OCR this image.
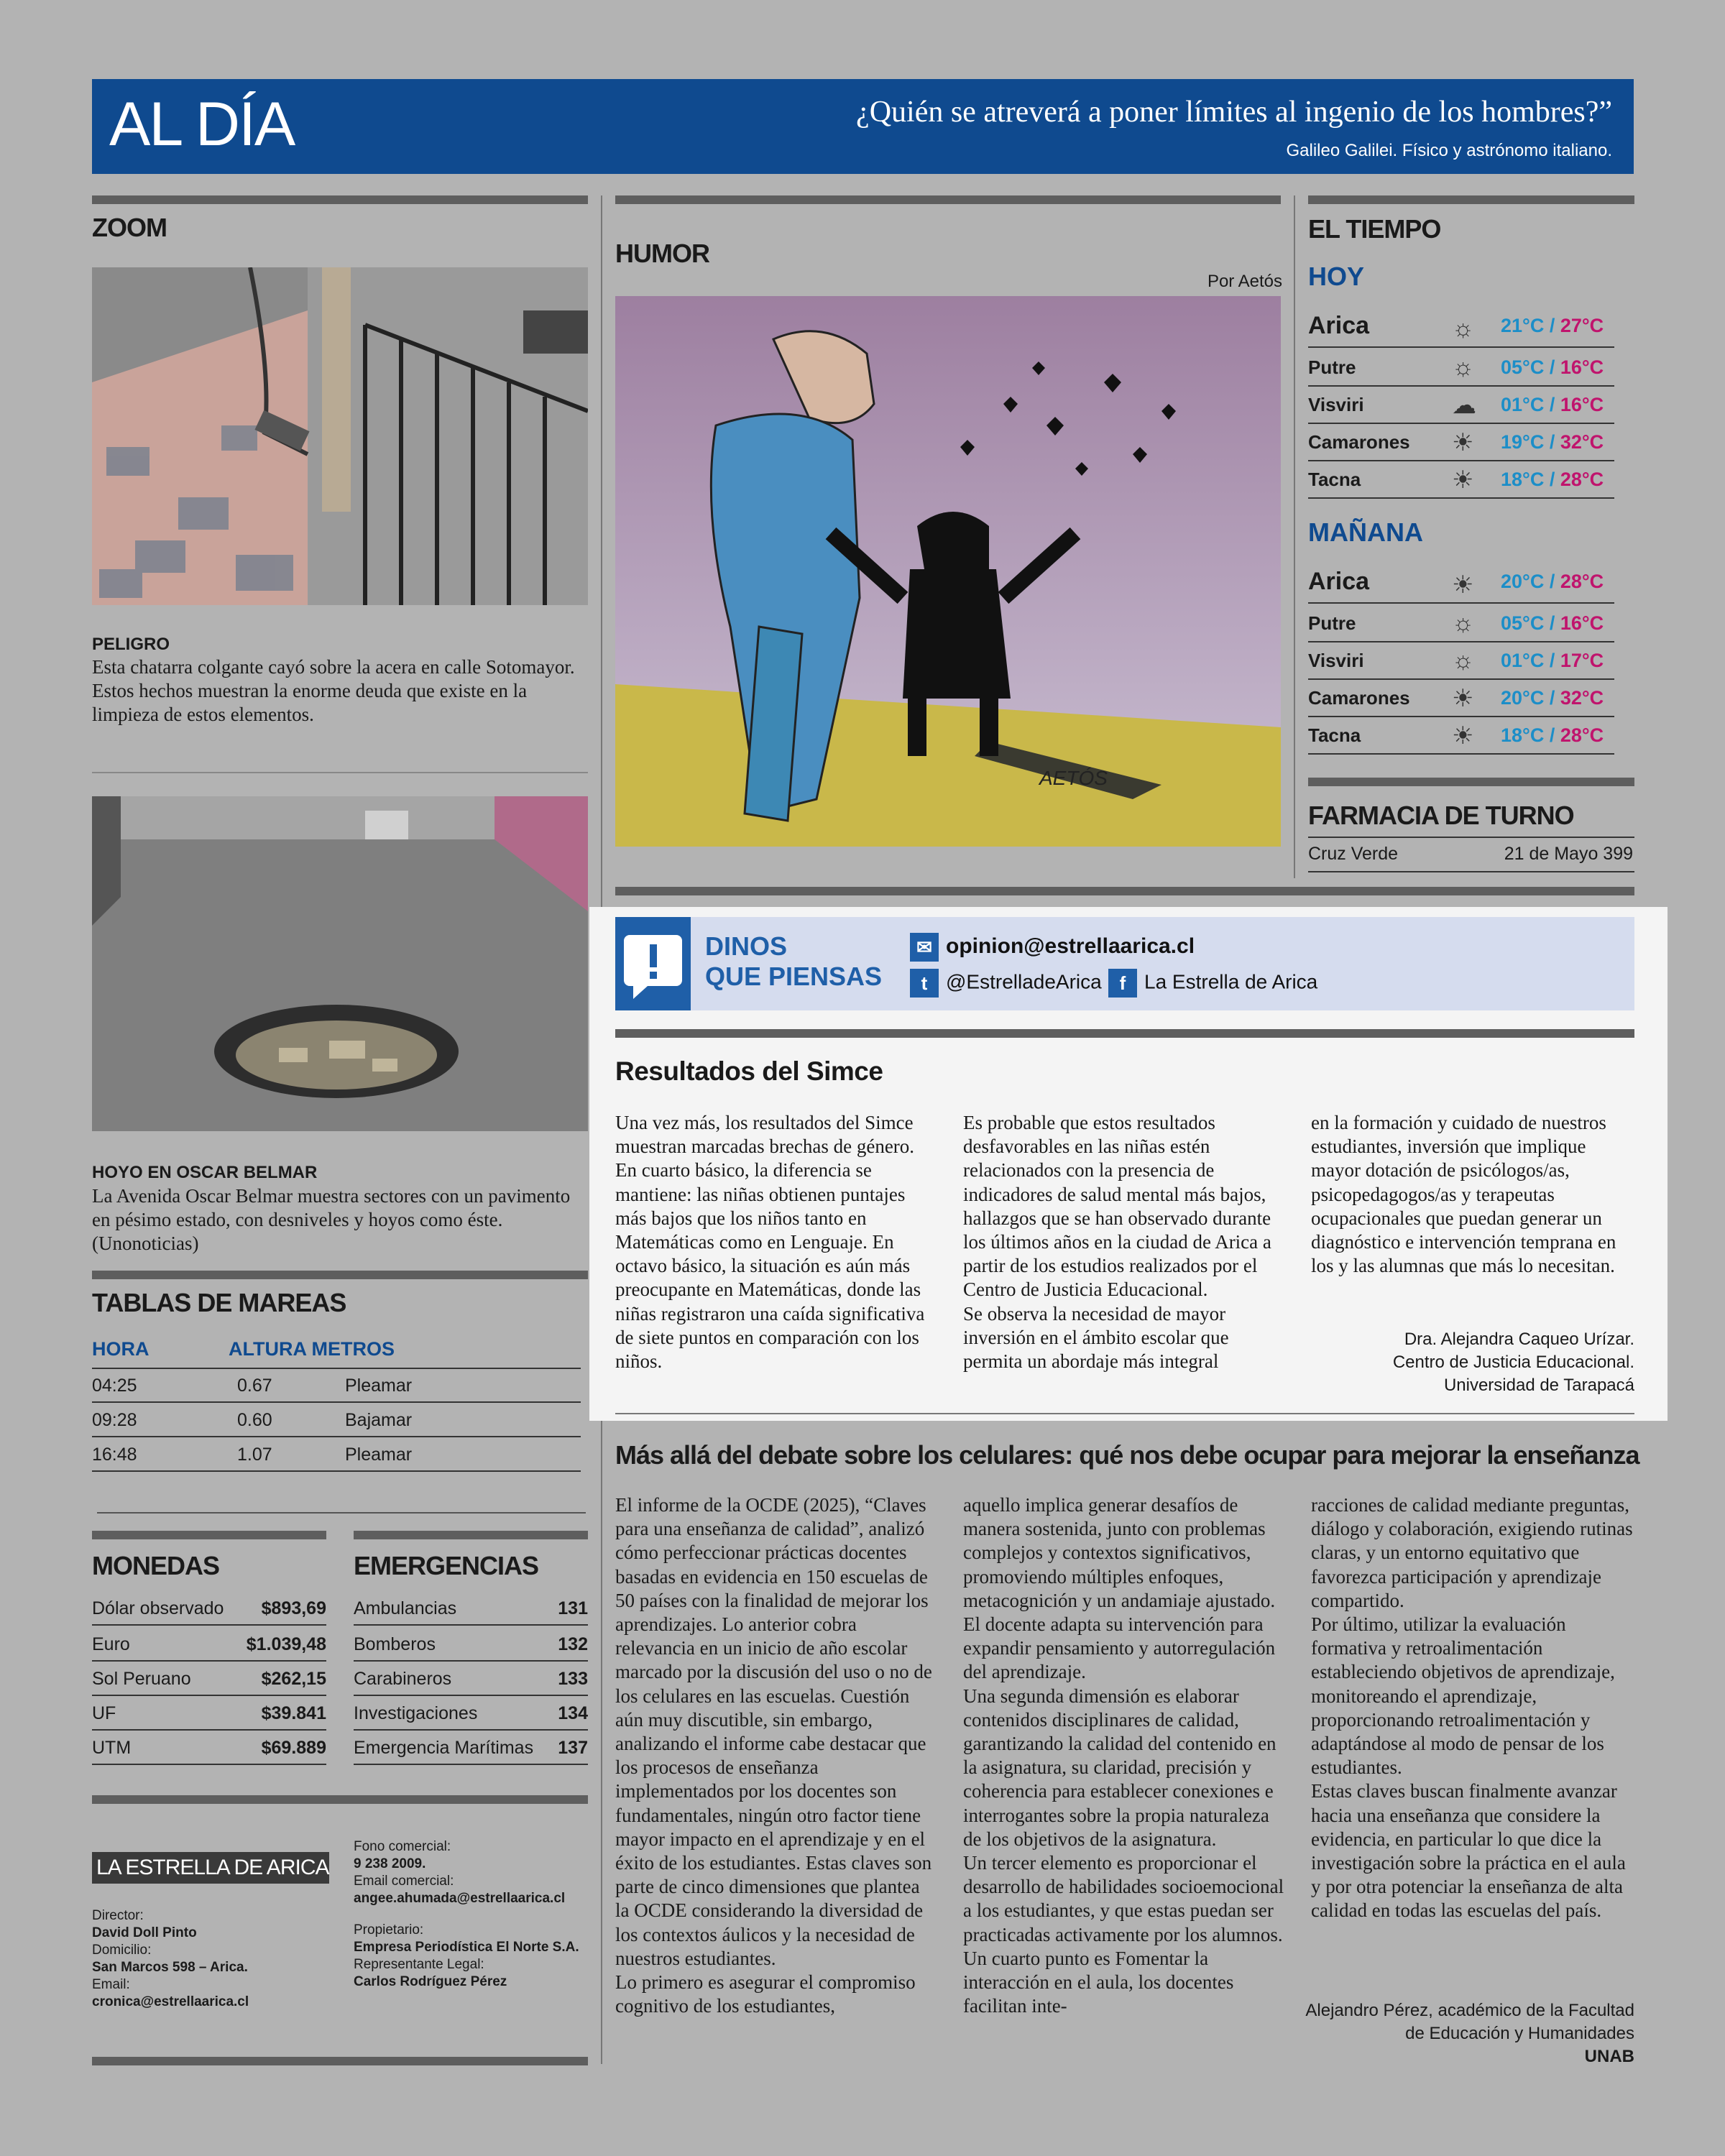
AL DÍA	¿Quién se atreverá a poner límites al ingenio de los hombres?”
Galileo Galilei. Físico y astrónomo italiano.
ZOOM
PELIGRO
Esta chatarra colgante cayó sobre la acera en calle Sotomayor. Estos hechos muestran la enorme deuda que existe en la limpieza de estos elementos.
HOYO EN OSCAR BELMAR
La Avenida Oscar Belmar muestra sectores con un pavimento en pésimo estado, con desniveles y hoyos como éste. (Unonoticias)
TABLAS DE MAREAS
HORA	ALTURA METROS
04:25	0.67	Pleamar
09:28	0.60	Bajamar
16:48	1.07	Pleamar
MONEDAS
Dólar observado $893,69
Euro	$1.039,48
Sol Peruano	$262,15
UF	$39.841
UTM	$69.889
EMERGENCIAS
Ambulancias	131
Bomberos	132
Carabineros	133
Investigaciones	134
Emergencia Marítimas 137
LA ESTRELLA DE ARICA
Director:
David Doll Pinto
Domicilio:
San Marcos 598 – Arica.
Email:
cronica@estrellaarica.cl
Fono comercial:
9 238 2009.
Email comercial:
angee.ahumada@estrellaarica.cl
Propietario:
Empresa Periodística El Norte S.A.
Representante Legal:
Carlos Rodríguez Pérez
HUMOR
Por Aetós
AETÓS
EL TIEMPO
HOY
Arica	☼ 21°C / 27°C
Putre	☼ 05°C / 16°C
Visviri	☁ 01°C / 16°C
Camarones ☀ 19°C / 32°C
Tacna	☀ 18°C / 28°C
MAÑANA
Arica	☀ 20°C / 28°C
Putre	☼ 05°C / 16°C
Visviri	☼ 01°C / 17°C
Camarones ☀ 20°C / 32°C
Tacna	☀ 18°C / 28°C
FARMACIA DE TURNO
Cruz Verde	21 de Mayo 399
DINOS
QUE PIENSAS
✉ opinion@estrellaarica.cl
t @EstrelladeArica f La Estrella de Arica
Resultados del Simce
Una vez más, los resultados del Simce muestran marcadas brechas de género. En cuarto básico, la diferencia se mantiene: las niñas obtienen puntajes más bajos que los niños tanto en Matemáticas como en Lenguaje. En octavo básico, la situación es aún más preocupante en Matemáticas, donde las niñas registraron una caída significativa de siete puntos en comparación con los niños.
Es probable que estos resultados desfavorables en las niñas estén relacionados con la presencia de indicadores de salud mental más bajos, hallazgos que se han observado durante los últimos años en la ciudad de Arica a partir de los estudios realizados por el Centro de Justicia Educacional.
Se observa la necesidad de mayor inversión en el ámbito escolar que permita un abordaje más integral
en la formación y cuidado de nuestros estudiantes, inversión que implique mayor dotación de psicólogos/as, psicopedagogos/as y terapeutas ocupacionales que puedan generar un diagnóstico e intervención temprana en los y las alumnas que más lo necesitan.
Dra. Alejandra Caqueo Urízar.
Centro de Justicia Educacional.
Universidad de Tarapacá
Más allá del debate sobre los celulares: qué nos debe ocupar para mejorar la enseñanza
El informe de la OCDE (2025), “Claves para una enseñanza de calidad”, analizó cómo perfeccionar prácticas docentes basadas en evidencia en 150 escuelas de 50 países con la finalidad de mejorar los aprendizajes. Lo anterior cobra relevancia en un inicio de año escolar marcado por la discusión del uso o no de los celulares en las escuelas. Cuestión aún muy discutible, sin embargo, analizando el informe cabe destacar que los procesos de enseñanza implementados por los docentes son fundamentales, ningún otro factor tiene mayor impacto en el aprendizaje y en el éxito de los estudiantes. Estas claves son parte de cinco dimensiones que plantea la OCDE considerando la diversidad de los contextos áulicos y la necesidad de nuestros estudiantes.
Lo primero es asegurar el compromiso cognitivo de los estudiantes,
aquello implica generar desafíos de manera sostenida, junto con problemas complejos y contextos significativos, promoviendo múltiples enfoques, metacognición y un andamiaje ajustado. El docente adapta su intervención para expandir pensamiento y autorregulación del aprendizaje.
Una segunda dimensión es elaborar contenidos disciplinares de calidad, garantizando la calidad del contenido en la asignatura, su claridad, precisión y coherencia para establecer conexiones e interrogantes sobre la propia naturaleza de los objetivos de la asignatura.
Un tercer elemento es proporcionar el desarrollo de habilidades socioemocional a los estudiantes, y que estas puedan ser practicadas activamente por los alumnos. Un cuarto punto es Fomentar la interacción en el aula, los docentes facilitan inte-
racciones de calidad mediante preguntas, diálogo y colaboración, exigiendo rutinas claras, y un entorno equitativo que favorezca participación y aprendizaje compartido.
Por último, utilizar la evaluación formativa y retroalimentación estableciendo objetivos de aprendizaje, monitoreando el aprendizaje, proporcionando retroalimentación y adaptándose al modo de pensar de los estudiantes.
Estas claves buscan finalmente avanzar hacia una enseñanza que considere la evidencia, en particular lo que dice la investigación sobre la práctica en el aula y por otra potenciar la enseñanza de alta calidad en todas las escuelas del país.
Alejandro Pérez, académico de la Facultad
de Educación y Humanidades
UNAB
